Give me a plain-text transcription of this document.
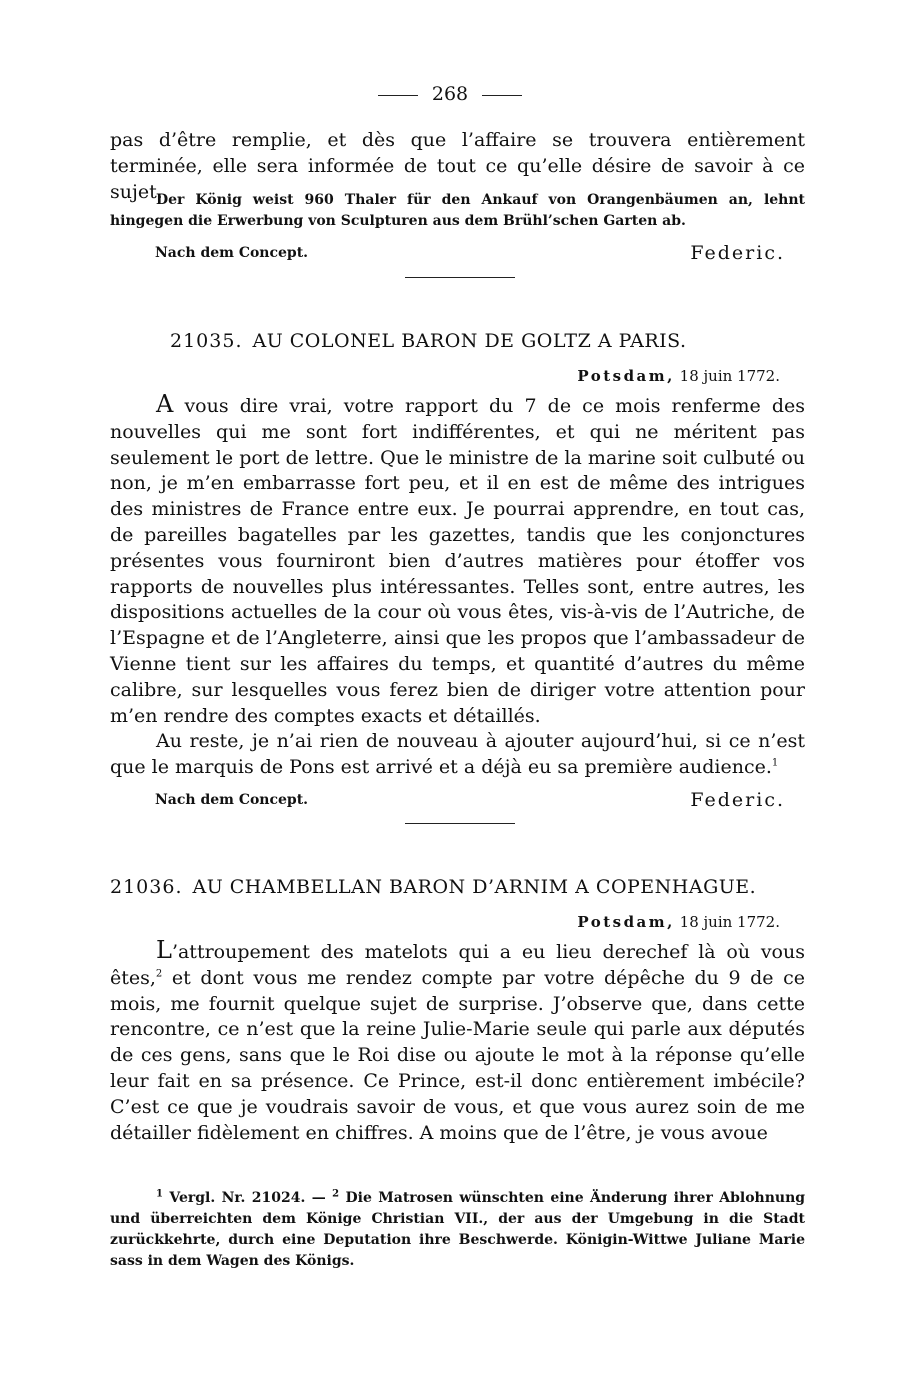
268

pas d’être remplie, et dès que l’affaire se trouvera entièrement terminée, elle sera informée de tout ce qu’elle désire de savoir à ce sujet.

Der König weist 960 Thaler für den Ankauf von Orangenbäumen an, lehnt hingegen die Erwerbung von Sculpturen aus dem Brühl’schen Garten ab.

Nach dem Concept.	Federic.
21035. AU COLONEL BARON DE GOLTZ A PARIS.
Potsdam, 18 juin 1772.

A vous dire vrai, votre rapport du 7 de ce mois renferme des nouvelles qui me sont fort indifférentes, et qui ne méritent pas seulement le port de lettre. Que le ministre de la marine soit culbuté ou non, je m’en embarrasse fort peu, et il en est de même des intrigues des ministres de France entre eux. Je pourrai apprendre, en tout cas, de pareilles bagatelles par les gazettes, tandis que les conjonctures présentes vous fourniront bien d’autres matières pour étoffer vos rapports de nouvelles plus intéressantes. Telles sont, entre autres, les dispositions actuelles de la cour où vous êtes, vis-à-vis de l’Autriche, de l’Espagne et de l’Angleterre, ainsi que les propos que l’ambassadeur de Vienne tient sur les affaires du temps, et quantité d’autres du même calibre, sur lesquelles vous ferez bien de diriger votre attention pour m’en rendre des comptes exacts et détaillés.

Au reste, je n’ai rien de nouveau à ajouter aujourd’hui, si ce n’est que le marquis de Pons est arrivé et a déjà eu sa première audience.$^1$

Nach dem Concept.	Federic.
21036. AU CHAMBELLAN BARON D’ARNIM A COPENHAGUE.
Potsdam, 18 juin 1772.

L’attroupement des matelots qui a eu lieu derechef là où vous êtes,$^2$ et dont vous me rendez compte par votre dépêche du 9 de ce mois, me fournit quelque sujet de surprise. J’observe que, dans cette rencontre, ce n’est que la reine Julie-Marie seule qui parle aux députés de ces gens, sans que le Roi dise ou ajoute le mot à la réponse qu’elle leur fait en sa présence. Ce Prince, est-il donc entièrement imbécile? C’est ce que je voudrais savoir de vous, et que vous aurez soin de me détailler fidèlement en chiffres. A moins que de l’être, je vous avoue

$^1$ Vergl. Nr. 21024. — $^2$ Die Matrosen wünschten eine Änderung ihrer Ablohnung und überreichten dem Könige Christian VII., der aus der Umgebung in die Stadt zurückkehrte, durch eine Deputation ihre Beschwerde. Königin-Wittwe Juliane Marie sass in dem Wagen des Königs.
